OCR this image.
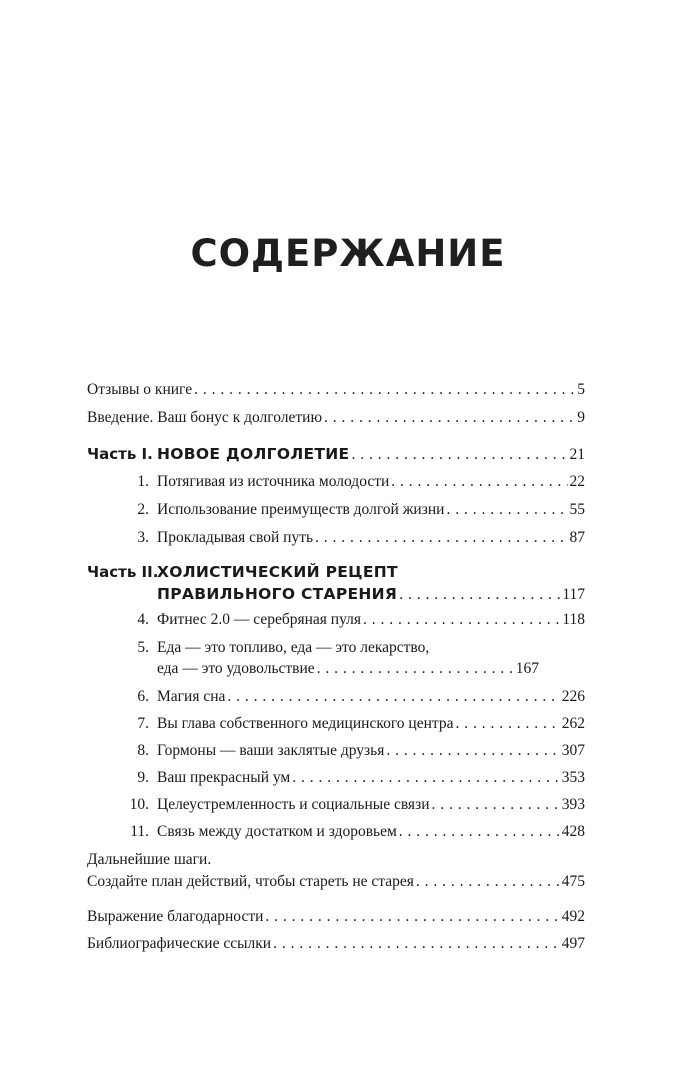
СОДЕРЖАНИЕ
Отзывы о книге . . .	5
Введение. Ваш бонус к долголетию . . .	9
Часть I. НОВОЕ ДОЛГОЛЕТИЕ . . .	21
1. Потягивая из источника молодости . . .	22
2. Использование преимуществ долгой жизни . . .	55
3. Прокладывая свой путь . . .	87
Часть II.
ХОЛИСТИЧЕСКИЙ РЕЦЕПТ
ПРАВИЛЬНОГО СТАРЕНИЯ . . .	117
4. Фитнес 2.0 — серебряная пуля . . .	118
5. Еда — это топливо, еда — это лекарство,
еда — это удовольствие . . .	167
6. Магия сна . . .	226
7. Вы глава собственного медицинского центра . . .	262
8. Гормоны — ваши заклятые друзья . . .	307
9. Ваш прекрасный ум . . .	353
10. Целеустремленность и социальные связи . . .	393
11. Связь между достатком и здоровьем . . .	428
Дальнейшие шаги.
Создайте план действий, чтобы стареть не старея . . .	475
Выражение благодарности . . .	492
Библиографические ссылки . . .	497
